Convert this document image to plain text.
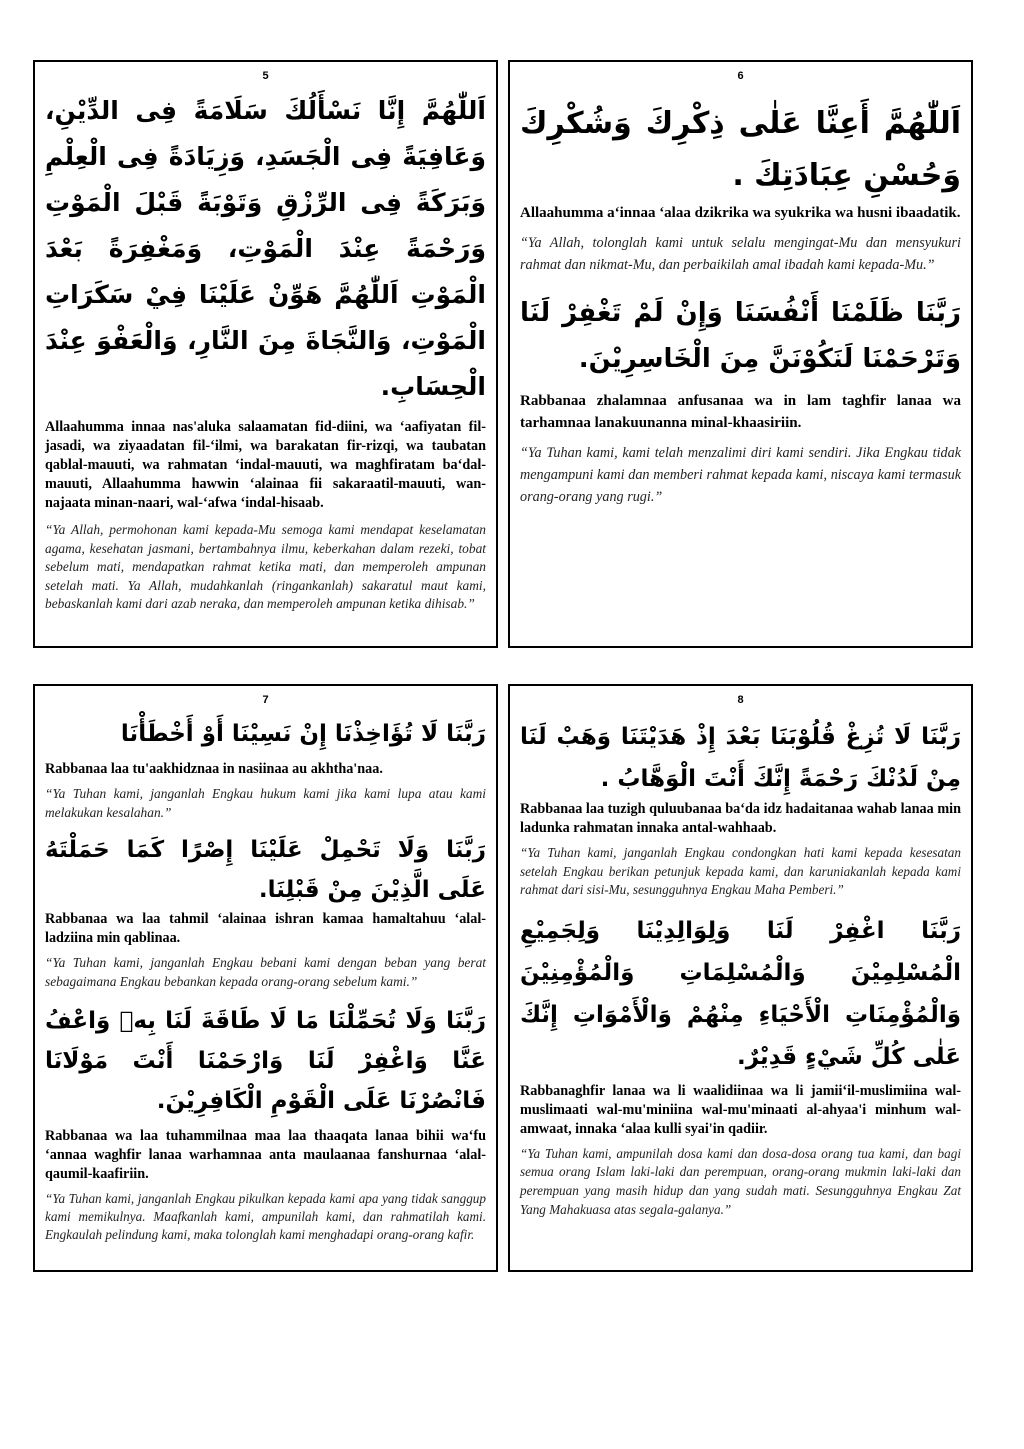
5

اَللّٰهُمَّ إِنَّا نَسْأَلُكَ سَلَامَةً فِى الدِّيْنِ، وَعَافِيَةً فِى الْجَسَدِ، وَزِيَادَةً فِى الْعِلْمِ وَبَرَكَةً فِى الرِّزْقِ وَتَوْبَةً قَبْلَ الْمَوْتِ وَرَحْمَةً عِنْدَ الْمَوْتِ، وَمَغْفِرَةً بَعْدَ الْمَوْتِ اَللّٰهُمَّ هَوِّنْ عَلَيْنَا فِيْ سَكَرَاتِ الْمَوْتِ، وَالنَّجَاةَ مِنَ النَّارِ، وَالْعَفْوَ عِنْدَ الْحِسَابِ.

Allaahumma innaa nas'aluka salaamatan fid-diini, wa ‘aafiyatan fil-jasadi, wa ziyaadatan fil-‘ilmi, wa barakatan fir-rizqi, wa taubatan qablal-mauuti, wa rahmatan ‘indal-mauuti, wa maghfiratam ba‘dal-mauuti, Allaahumma hawwin ‘alainaa fii sakaraatil-mauuti, wan-najaata minan-naari, wal-‘afwa ‘indal-hisaab.

“Ya Allah, permohonan kami kepada-Mu semoga kami mendapat keselamatan agama, kesehatan jasmani, bertambahnya ilmu, keberkahan dalam rezeki, tobat sebelum mati, mendapatkan rahmat ketika mati, dan memperoleh ampunan setelah mati. Ya Allah, mudahkanlah (ringankanlah) sakaratul maut kami, bebaskanlah kami dari azab neraka, dan memperoleh ampunan ketika dihisab.”

6

اَللّٰهُمَّ أَعِنَّا عَلٰى ذِكْرِكَ وَشُكْرِكَ وَحُسْنِ عِبَادَتِكَ .

Allaahumma a‘innaa ‘alaa dzikrika wa syukrika wa husni ibaadatik.

“Ya Allah, tolonglah kami untuk selalu mengingat-Mu dan mensyukuri rahmat dan nikmat-Mu, dan perbaikilah amal ibadah kami kepada-Mu.”

رَبَّنَا ظَلَمْنَا أَنْفُسَنَا وَإِنْ لَمْ تَغْفِرْ لَنَا وَتَرْحَمْنَا لَنَكُوْنَنَّ مِنَ الْخَاسِرِيْنَ.

Rabbanaa zhalamnaa anfusanaa wa in lam taghfir lanaa wa tarhamnaa lanakuunanna minal-khaasiriin.

“Ya Tuhan kami, kami telah menzalimi diri kami sendiri. Jika Engkau tidak mengampuni kami dan memberi rahmat kepada kami, niscaya kami termasuk orang-orang yang rugi.”

7

رَبَّنَا لَا تُؤَاخِذْنَا إِنْ نَسِيْنَا أَوْ أَخْطَأْنَا

Rabbanaa laa tu'aakhidznaa in nasiinaa au akhtha'naa.

“Ya Tuhan kami, janganlah Engkau hukum kami jika kami lupa atau kami melakukan kesalahan.”

رَبَّنَا وَلَا تَحْمِلْ عَلَيْنَا إِصْرًا كَمَا حَمَلْتَهُ عَلَى الَّذِيْنَ مِنْ قَبْلِنَا.

Rabbanaa wa laa tahmil ‘alainaa ishran kamaa hamaltahuu ‘alal-ladziina min qablinaa.

“Ya Tuhan kami, janganlah Engkau bebani kami dengan beban yang berat sebagaimana Engkau bebankan kepada orang-orang sebelum kami.”

رَبَّنَا وَلَا تُحَمِّلْنَا مَا لَا طَاقَةَ لَنَا بِهٖ وَاعْفُ عَنَّا وَاغْفِرْ لَنَا وَارْحَمْنَا أَنْتَ مَوْلَانَا فَانْصُرْنَا عَلَى الْقَوْمِ الْكَافِرِيْنَ.

Rabbanaa wa laa tuhammilnaa maa laa thaaqata lanaa bihii wa‘fu ‘annaa waghfir lanaa warhamnaa anta maulaanaa fanshurnaa ‘alal-qaumil-kaafiriin.

“Ya Tuhan kami, janganlah Engkau pikulkan kepada kami apa yang tidak sanggup kami memikulnya. Maafkanlah kami, ampunilah kami, dan rahmatilah kami. Engkaulah pelindung kami, maka tolonglah kami menghadapi orang-orang kafir.

8

رَبَّنَا لَا تُزِغْ قُلُوْبَنَا بَعْدَ إِذْ هَدَيْتَنَا وَهَبْ لَنَا مِنْ لَدُنْكَ رَحْمَةً إِنَّكَ أَنْتَ الْوَهَّابُ .

Rabbanaa laa tuzigh quluubanaa ba‘da idz hadaitanaa wahab lanaa min ladunka rahmatan innaka antal-wahhaab.

“Ya Tuhan kami, janganlah Engkau condongkan hati kami kepada kesesatan setelah Engkau berikan petunjuk kepada kami, dan karuniakanlah kepada kami rahmat dari sisi-Mu, sesungguhnya Engkau Maha Pemberi.”

رَبَّنَا اغْفِرْ لَنَا وَلِوَالِدِيْنَا وَلِجَمِيْعِ الْمُسْلِمِيْنَ وَالْمُسْلِمَاتِ وَالْمُؤْمِنِيْنَ وَالْمُؤْمِنَاتِ الْأَحْيَاءِ مِنْهُمْ وَالْأَمْوَاتِ إِنَّكَ عَلٰى كُلِّ شَيْءٍ قَدِيْرٌ.

Rabbanaghfir lanaa wa li waalidiinaa wa li jamii‘il-muslimiina wal-muslimaati wal-mu'miniina wal-mu'minaati al-ahyaa'i minhum wal-amwaat, innaka ‘alaa kulli syai'in qadiir.

“Ya Tuhan kami, ampunilah dosa kami dan dosa-dosa orang tua kami, dan bagi semua orang Islam laki-laki dan perempuan, orang-orang mukmin laki-laki dan perempuan yang masih hidup dan yang sudah mati. Sesungguhnya Engkau Zat Yang Mahakuasa atas segala-galanya.”
